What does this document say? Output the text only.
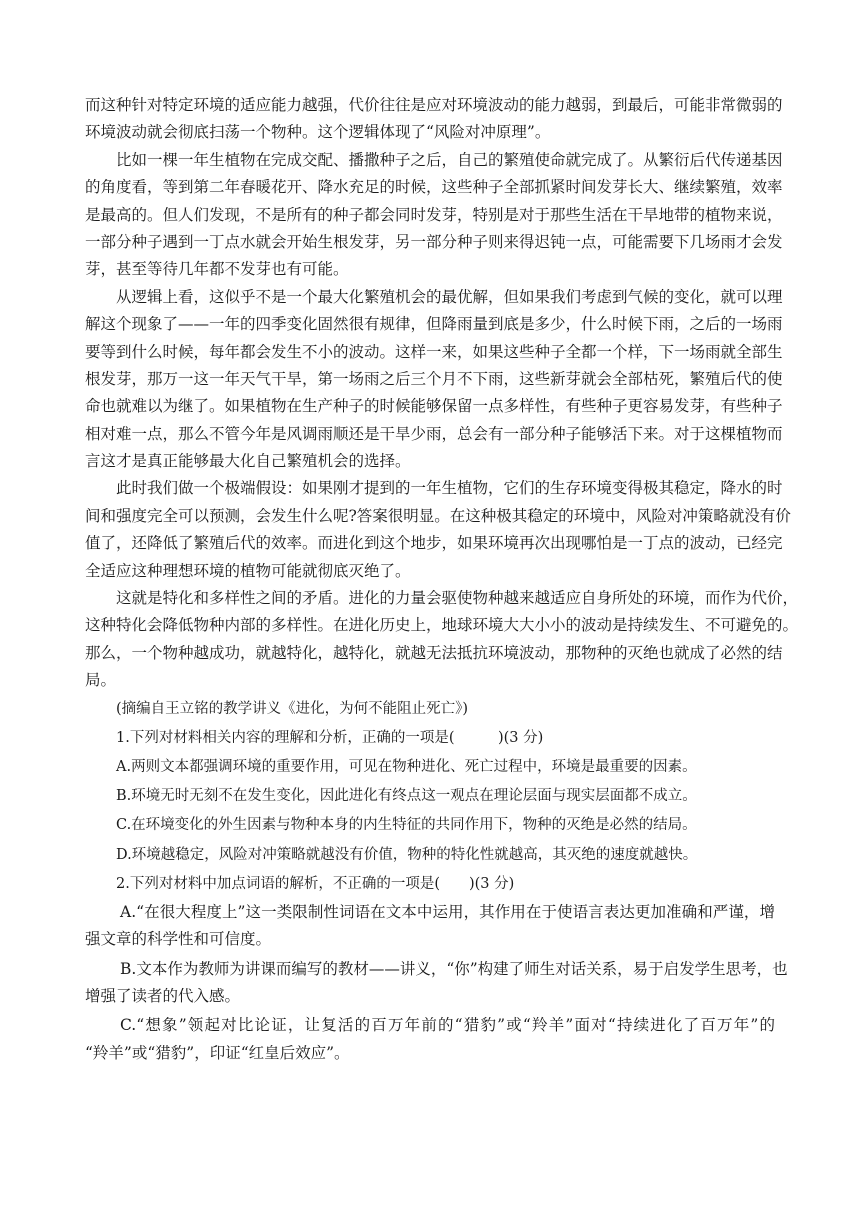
而这种针对特定环境的适应能力越强，代价往往是应对环境波动的能力越弱，到最后，可能非常微弱的
环境波动就会彻底扫荡一个物种。这个逻辑体现了“风险对冲原理”。
比如一棵一年生植物在完成交配、播撒种子之后，自己的繁殖使命就完成了。从繁衍后代传递基因
的角度看，等到第二年春暖花开、降水充足的时候，这些种子全部抓紧时间发芽长大、继续繁殖，效率
是最高的。但人们发现，不是所有的种子都会同时发芽，特别是对于那些生活在干旱地带的植物来说，
一部分种子遇到一丁点水就会开始生根发芽，另一部分种子则来得迟钝一点，可能需要下几场雨才会发
芽，甚至等待几年都不发芽也有可能。
从逻辑上看，这似乎不是一个最大化繁殖机会的最优解，但如果我们考虑到气候的变化，就可以理
解这个现象了——一年的四季变化固然很有规律，但降雨量到底是多少，什么时候下雨，之后的一场雨
要等到什么时候，每年都会发生不小的波动。这样一来，如果这些种子全都一个样，下一场雨就全部生
根发芽，那万一这一年天气干旱，第一场雨之后三个月不下雨，这些新芽就会全部枯死，繁殖后代的使
命也就难以为继了。如果植物在生产种子的时候能够保留一点多样性，有些种子更容易发芽，有些种子
相对难一点，那么不管今年是风调雨顺还是干旱少雨，总会有一部分种子能够活下来。对于这棵植物而
言这才是真正能够最大化自己繁殖机会的选择。
此时我们做一个极端假设：如果刚才提到的一年生植物，它们的生存环境变得极其稳定，降水的时
间和强度完全可以预测，会发生什么呢?答案很明显。在这种极其稳定的环境中，风险对冲策略就没有价
值了，还降低了繁殖后代的效率。而进化到这个地步，如果环境再次出现哪怕是一丁点的波动，已经完
全适应这种理想环境的植物可能就彻底灭绝了。
这就是特化和多样性之间的矛盾。进化的力量会驱使物种越来越适应自身所处的环境，而作为代价，
这种特化会降低物种内部的多样性。在进化历史上，地球环境大大小小的波动是持续发生、不可避免的。
那么，一个物种越成功，就越特化，越特化，就越无法抵抗环境波动，那物种的灭绝也就成了必然的结
局。
(摘编自王立铭的教学讲义《进化，为何不能阻止死亡》)
1.下列对材料相关内容的理解和分析，正确的一项是(　　　)(3 分)
A.两则文本都强调环境的重要作用，可见在物种进化、死亡过程中，环境是最重要的因素。
B.环境无时无刻不在发生变化，因此进化有终点这一观点在理论层面与现实层面都不成立。
C.在环境变化的外生因素与物种本身的内生特征的共同作用下，物种的灭绝是必然的结局。
D.环境越稳定，风险对冲策略就越没有价值，物种的特化性就越高，其灭绝的速度就越快。
2.下列对材料中加点词语的解析，不正确的一项是(　　)(3 分)
A.“在很大程度上”这一类限制性词语在文本中运用，其作用在于使语言表达更加准确和严谨，增
强文章的科学性和可信度。
B.文本作为教师为讲课而编写的教材——讲义，“你”构建了师生对话关系，易于启发学生思考，也
增强了读者的代入感。
C.“想象”领起对比论证，让复活的百万年前的“猎豹”或“羚羊”面对“持续进化了百万年”的
“羚羊”或“猎豹”，印证“红皇后效应”。
